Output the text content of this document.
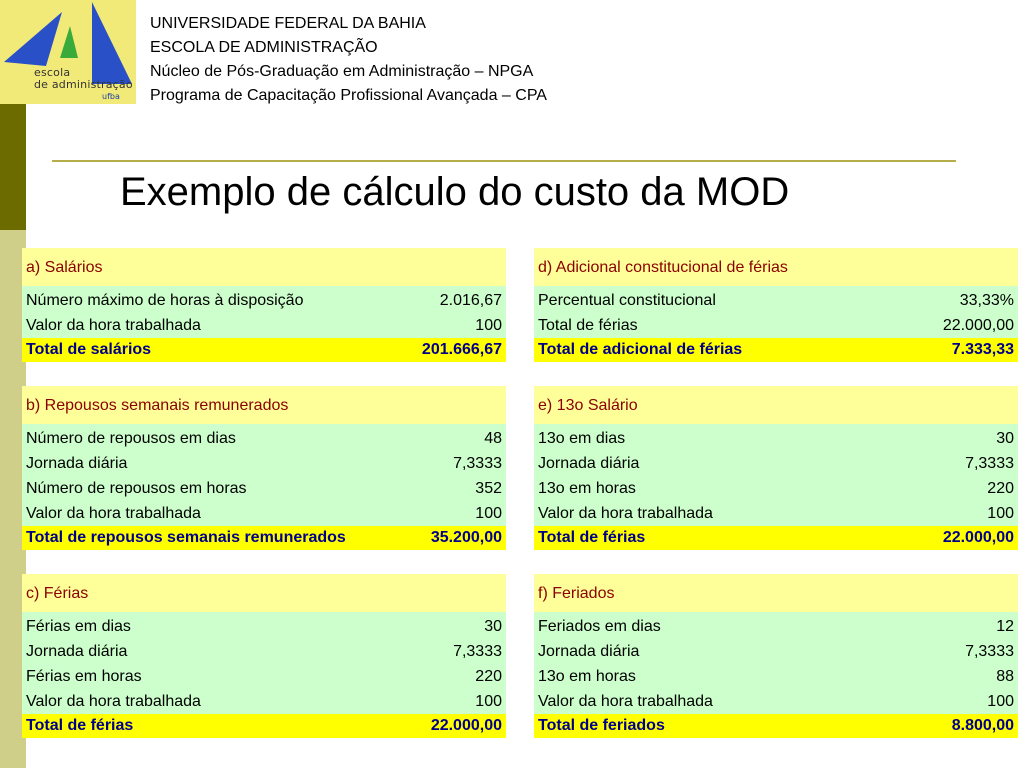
escola
de administração
ufba
UNIVERSIDADE FEDERAL DA BAHIA
ESCOLA DE ADMINISTRAÇÃO
Núcleo de Pós-Graduação em Administração – NPGA
Programa de Capacitação Profissional Avançada – CPA
Exemplo de cálculo do custo da MOD
a) Salários
Número máximo de horas à disposição	2.016,67
Valor da hora trabalhada	100
Total de salários	201.666,67
d) Adicional constitucional de férias
Percentual constitucional	33,33%
Total de férias	22.000,00
Total de adicional de férias	7.333,33
b) Repousos semanais remunerados
Número de repousos em dias	48
Jornada diária	7,3333
Número de repousos em horas	352
Valor da hora trabalhada	100
Total de repousos semanais remunerados	35.200,00
e) 13o Salário
13o em dias	30
Jornada diária	7,3333
13o em horas	220
Valor da hora trabalhada	100
Total de férias	22.000,00
c) Férias
Férias em dias	30
Jornada diária	7,3333
Férias em horas	220
Valor da hora trabalhada	100
Total de férias	22.000,00
f) Feriados
Feriados em dias	12
Jornada diária	7,3333
13o em horas	88
Valor da hora trabalhada	100
Total de feriados	8.800,00
